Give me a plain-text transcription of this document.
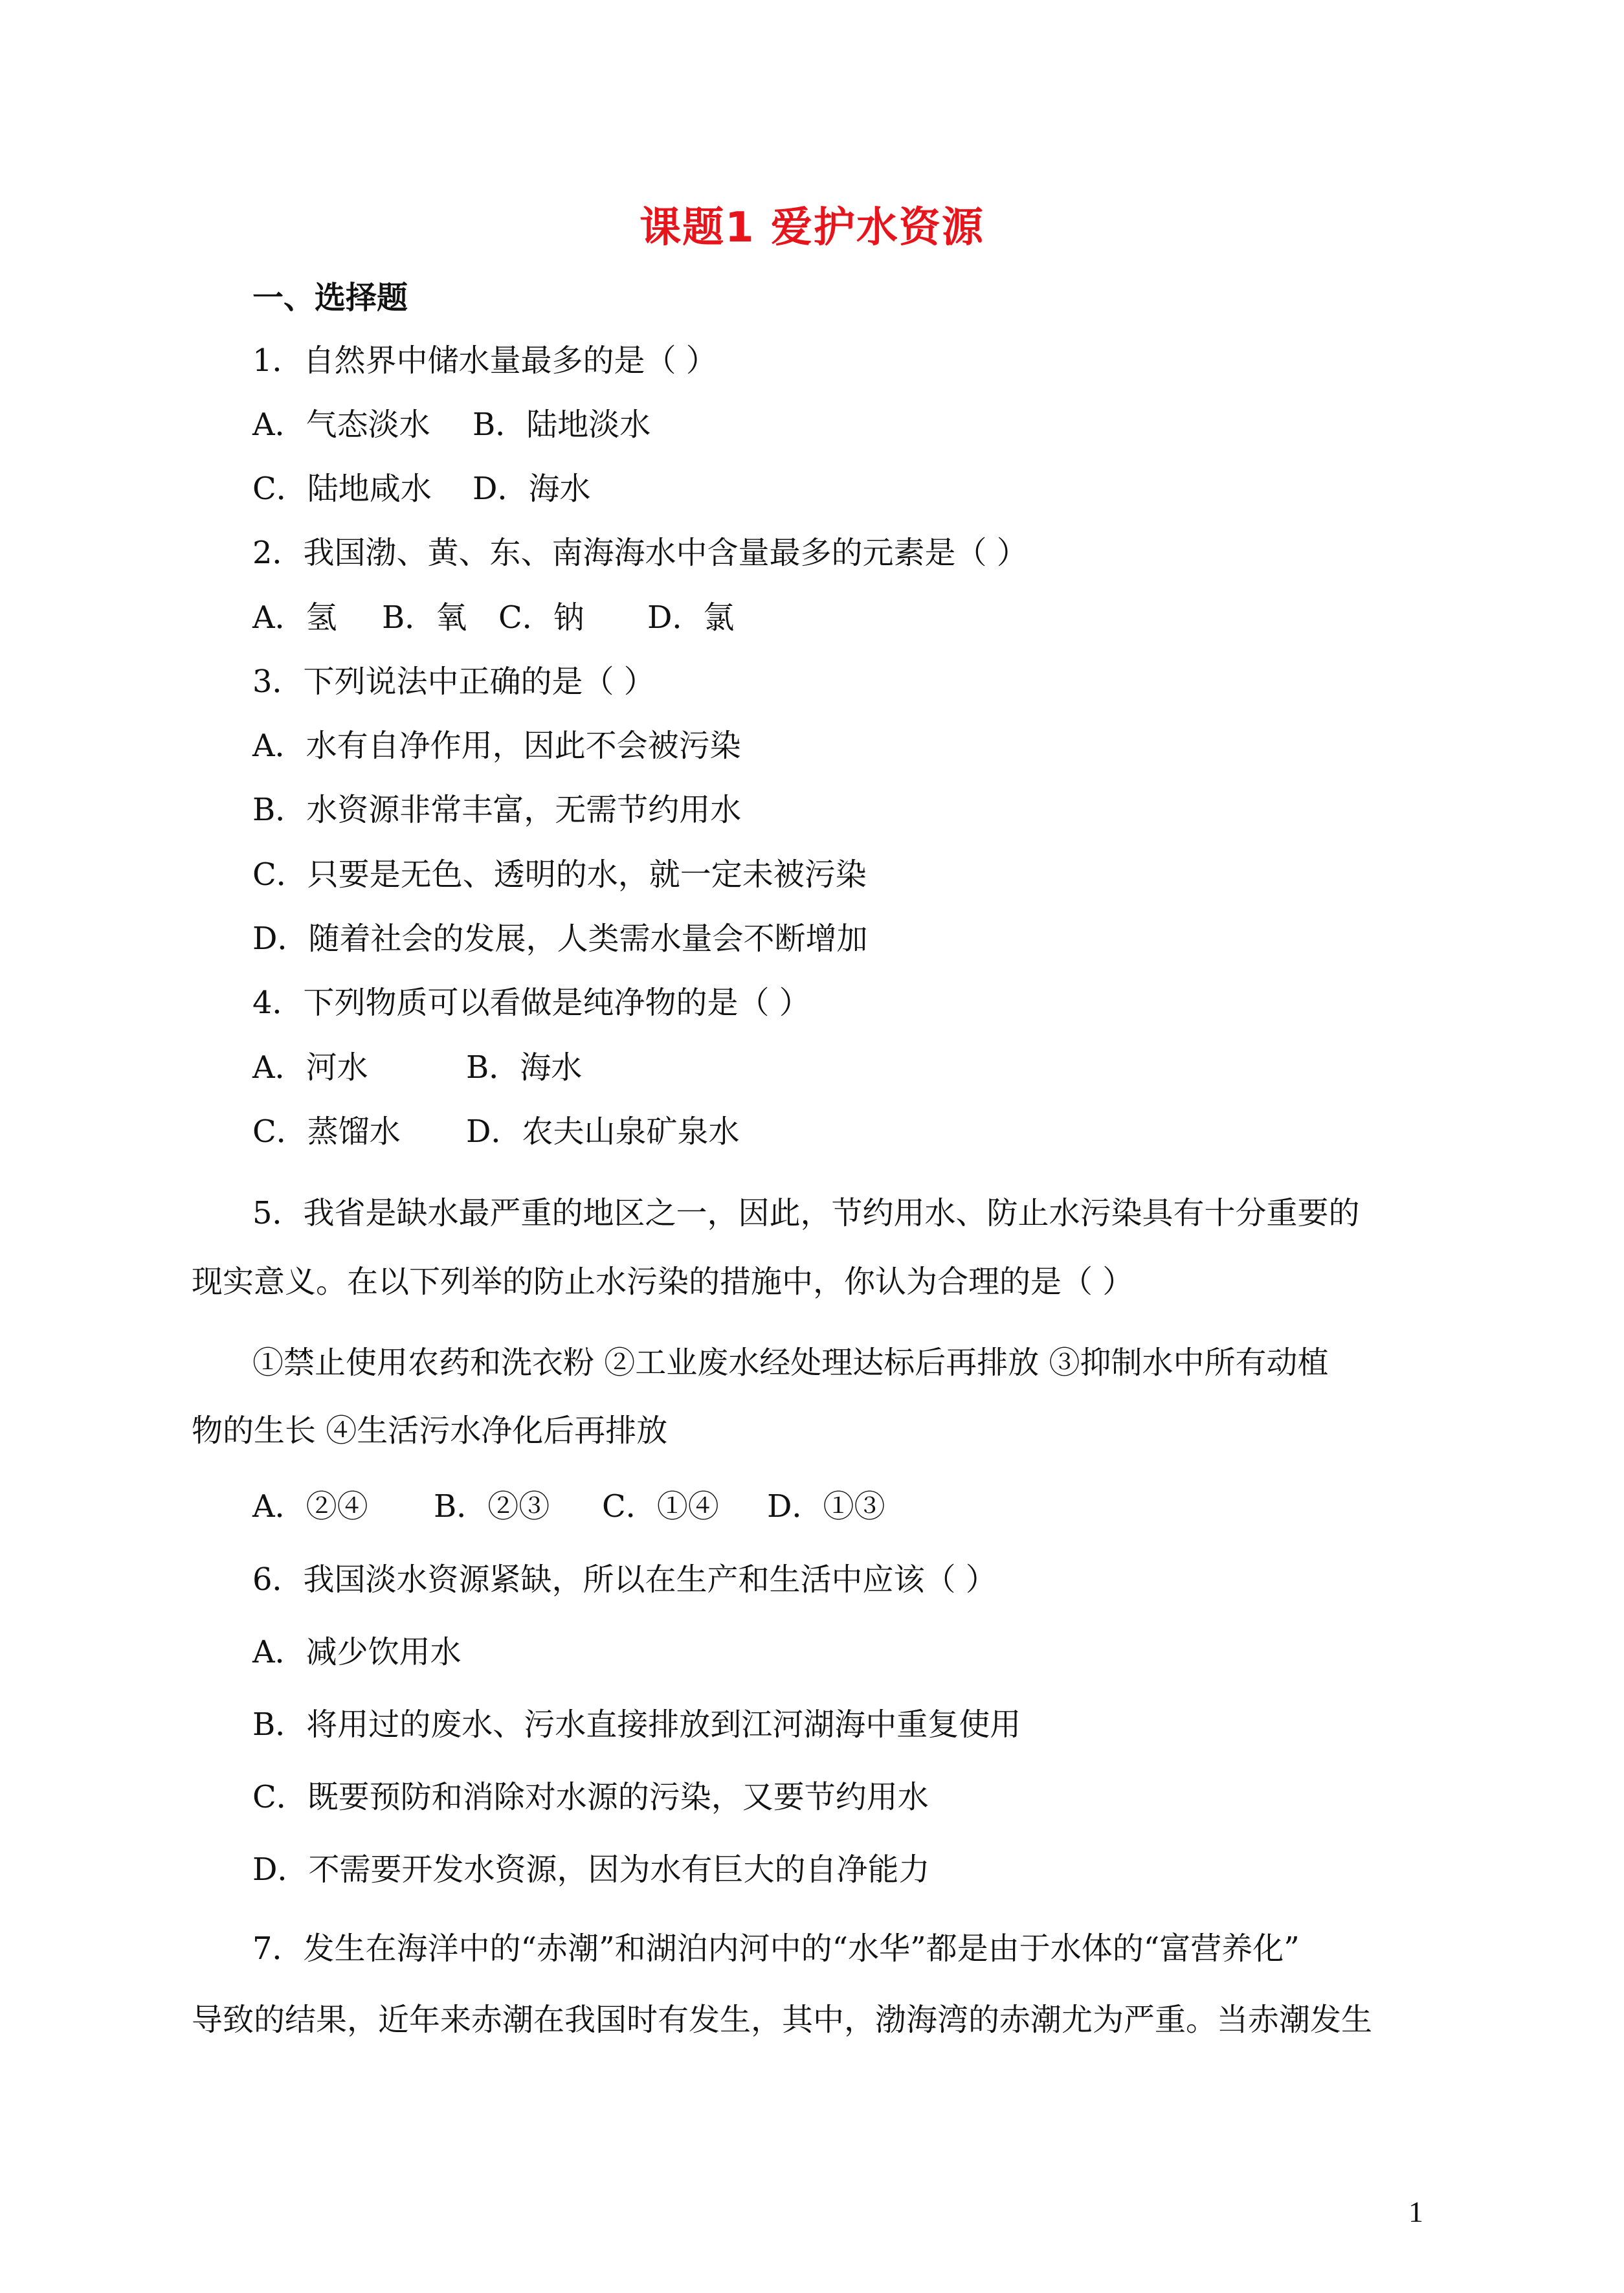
课题1 爱护水资源
一、选择题
1．自然界中储水量最多的是（ ）
A．气态淡水 B．陆地淡水
C．陆地咸水 D．海水
2．我国渤、黄、东、南海海水中含量最多的元素是（ ）
A．氢 B．氧 C．钠 D．氯
3．下列说法中正确的是（ ）
A．水有自净作用，因此不会被污染
B．水资源非常丰富，无需节约用水
C．只要是无色、透明的水，就一定未被污染
D．随着社会的发展，人类需水量会不断增加
4．下列物质可以看做是纯净物的是（ ）
A．河水	B．海水
C．蒸馏水 D．农夫山泉矿泉水
5．我省是缺水最严重的地区之一，因此，节约用水、防止水污染具有十分重要的
现实意义。在以下列举的防止水污染的措施中，你认为合理的是（ ）
①禁止使用农药和洗衣粉 ②工业废水经处理达标后再排放 ③抑制水中所有动植
物的生长 ④生活污水净化后再排放
A．②④ B．②③ C．①④ D．①③
6．我国淡水资源紧缺，所以在生产和生活中应该（ ）
A．减少饮用水
B．将用过的废水、污水直接排放到江河湖海中重复使用
C．既要预防和消除对水源的污染，又要节约用水
D．不需要开发水资源，因为水有巨大的自净能力
7．发生在海洋中的“赤潮”和湖泊内河中的“水华”都是由于水体的“富营养化”
导致的结果，近年来赤潮在我国时有发生，其中，渤海湾的赤潮尤为严重。当赤潮发生
1
